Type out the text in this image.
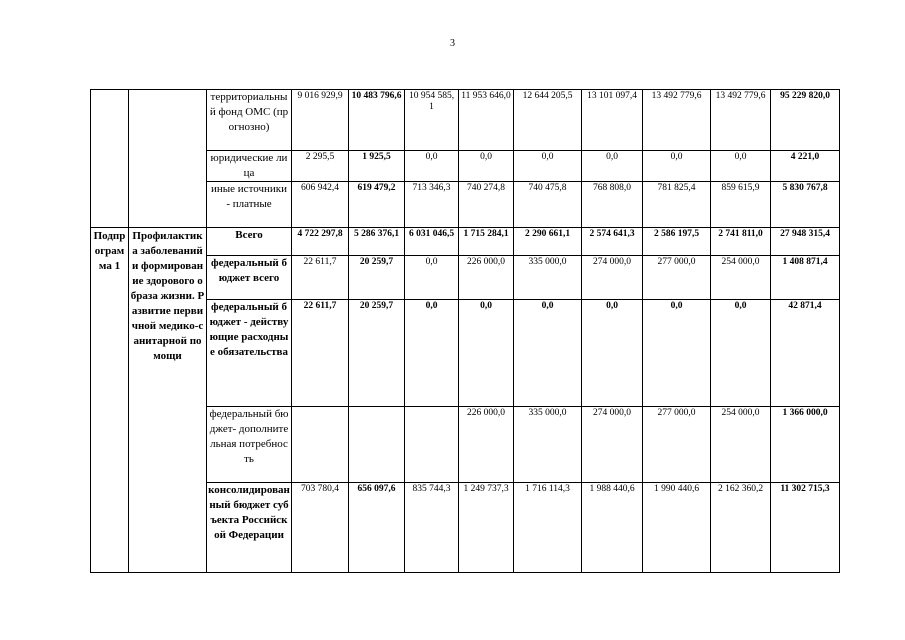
3
		территориальный фонд ОМС (прогнозно)	9 016 929,9	10 483 796,6	10 954 585,1	11 953 646,0	12 644 205,5	13 101 097,4	13 492 779,6	13 492 779,6	95 229 820,0
		юридические лица	2 295,5	1 925,5	0,0	0,0	0,0	0,0	0,0	0,0	4 221,0
		иные источники - платные	606 942,4	619 479,2	713 346,3	740 274,8	740 475,8	768 808,0	781 825,4	859 615,9	5 830 767,8
Подпрограмма 1	Профилактика заболеваний и формирование здорового образа жизни. Развитие первичной медико-санитарной помощи	Всего	4 722 297,8	5 286 376,1	6 031 046,5	1 715 284,1	2 290 661,1	2 574 641,3	2 586 197,5	2 741 811,0	27 948 315,4
		федеральный бюджет всего	22 611,7	20 259,7	0,0	226 000,0	335 000,0	274 000,0	277 000,0	254 000,0	1 408 871,4
		федеральный бюджет - действующие расходные обязательства	22 611,7	20 259,7	0,0	0,0	0,0	0,0	0,0	0,0	42 871,4
		федеральный бюджет- дополнительная потребность				226 000,0	335 000,0	274 000,0	277 000,0	254 000,0	1 366 000,0
		консолидированный бюджет субъекта Российской Федерации	703 780,4	656 097,6	835 744,3	1 249 737,3	1 716 114,3	1 988 440,6	1 990 440,6	2 162 360,2	11 302 715,3
